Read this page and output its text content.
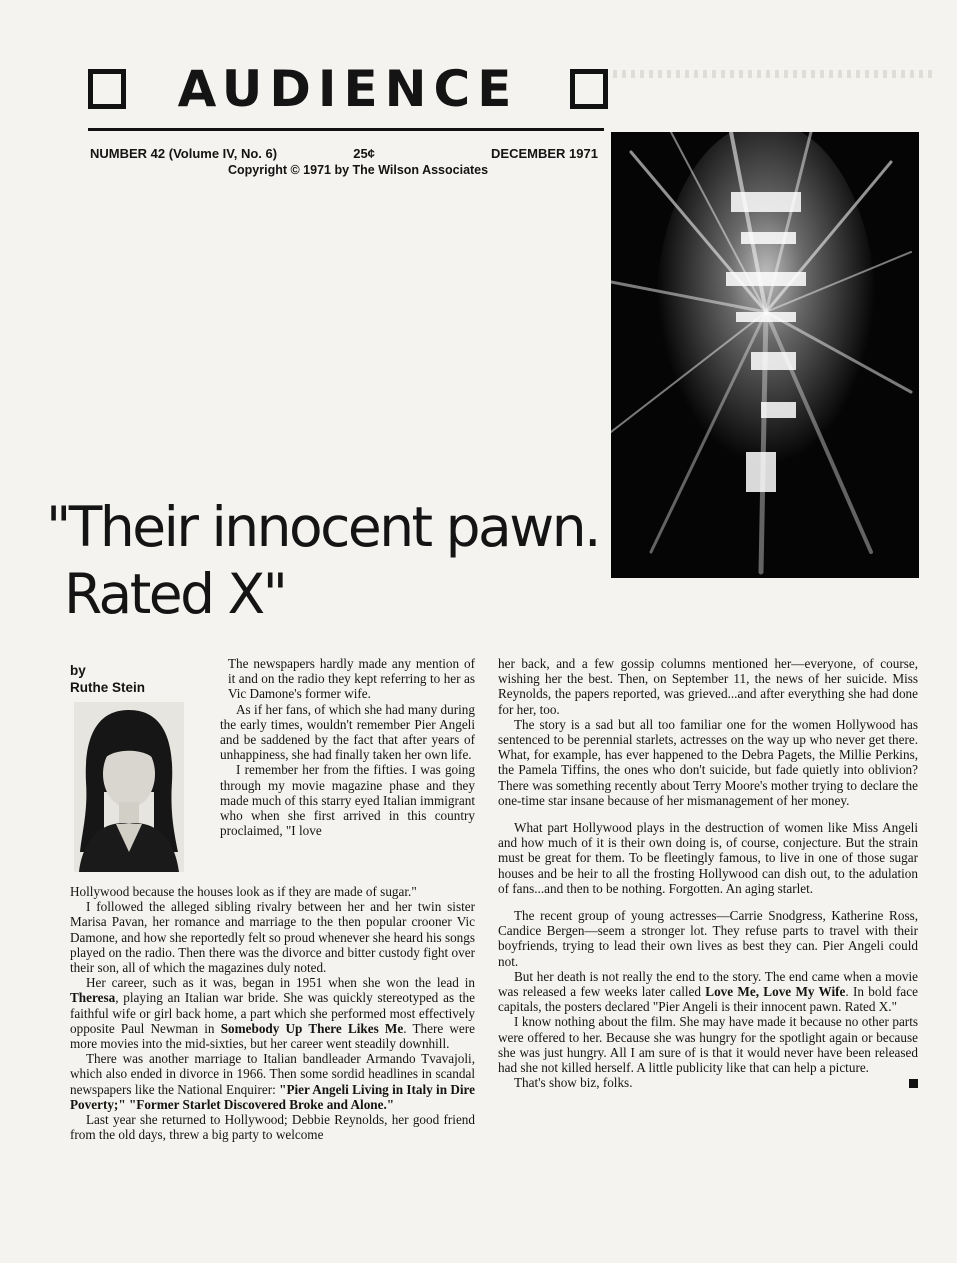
AUDIENCE
NUMBER 42 (Volume IV, No. 6)	25¢	DECEMBER 1971
Copyright © 1971 by The Wilson Associates
"Their innocent pawn.
Rated X"
by
Ruthe Stein

The newspapers hardly made any mention of it and on the radio they kept referring to her as Vic Damone's former wife.

As if her fans, of which she had many during the early times, wouldn't remember Pier Angeli and be saddened by the fact that after years of unhappiness, she had finally taken her own life.

I remember her from the fifties. I was going through my movie magazine phase and they made much of this starry eyed Italian immigrant who when she first arrived in this country proclaimed, "I love

Hollywood because the houses look as if they are made of sugar."

I followed the alleged sibling rivalry between her and her twin sister Marisa Pavan, her romance and marriage to the then popular crooner Vic Damone, and how she reportedly felt so proud whenever she heard his songs played on the radio. Then there was the divorce and bitter custody fight over their son, all of which the magazines duly noted.

Her career, such as it was, began in 1951 when she won the lead in Theresa, playing an Italian war bride. She was quickly stereotyped as the faithful wife or girl back home, a part which she performed most effectively opposite Paul Newman in Somebody Up There Likes Me. There were more movies into the mid-sixties, but her career went steadily downhill.

There was another marriage to Italian bandleader Armando Tvavajoli, which also ended in divorce in 1966. Then some sordid headlines in scandal newspapers like the National Enquirer: "Pier Angeli Living in Italy in Dire Poverty;" "Former Starlet Discovered Broke and Alone."

Last year she returned to Hollywood; Debbie Reynolds, her good friend from the old days, threw a big party to welcome

her back, and a few gossip columns mentioned her—everyone, of course, wishing her the best. Then, on September 11, the news of her suicide. Miss Reynolds, the papers reported, was grieved...and after everything she had done for her, too.

The story is a sad but all too familiar one for the women Hollywood has sentenced to be perennial starlets, actresses on the way up who never get there. What, for example, has ever happened to the Debra Pagets, the Millie Perkins, the Pamela Tiffins, the ones who don't suicide, but fade quietly into oblivion? There was something recently about Terry Moore's mother trying to declare the one-time star insane because of her mismanagement of her money.

What part Hollywood plays in the destruction of women like Miss Angeli and how much of it is their own doing is, of course, conjecture. But the strain must be great for them. To be fleetingly famous, to live in one of those sugar houses and be heir to all the frosting Hollywood can dish out, to the adulation of fans...and then to be nothing. Forgotten. An aging starlet.

The recent group of young actresses—Carrie Snodgress, Katherine Ross, Candice Bergen—seem a stronger lot. They refuse parts to travel with their boyfriends, trying to lead their own lives as best they can. Pier Angeli could not.

But her death is not really the end to the story. The end came when a movie was released a few weeks later called Love Me, Love My Wife. In bold face capitals, the posters declared "Pier Angeli is their innocent pawn. Rated X."

I know nothing about the film. She may have made it because no other parts were offered to her. Because she was hungry for the spotlight again or because she was just hungry. All I am sure of is that it would never have been released had she not killed herself. A little publicity like that can help a picture.

That's show biz, folks.
